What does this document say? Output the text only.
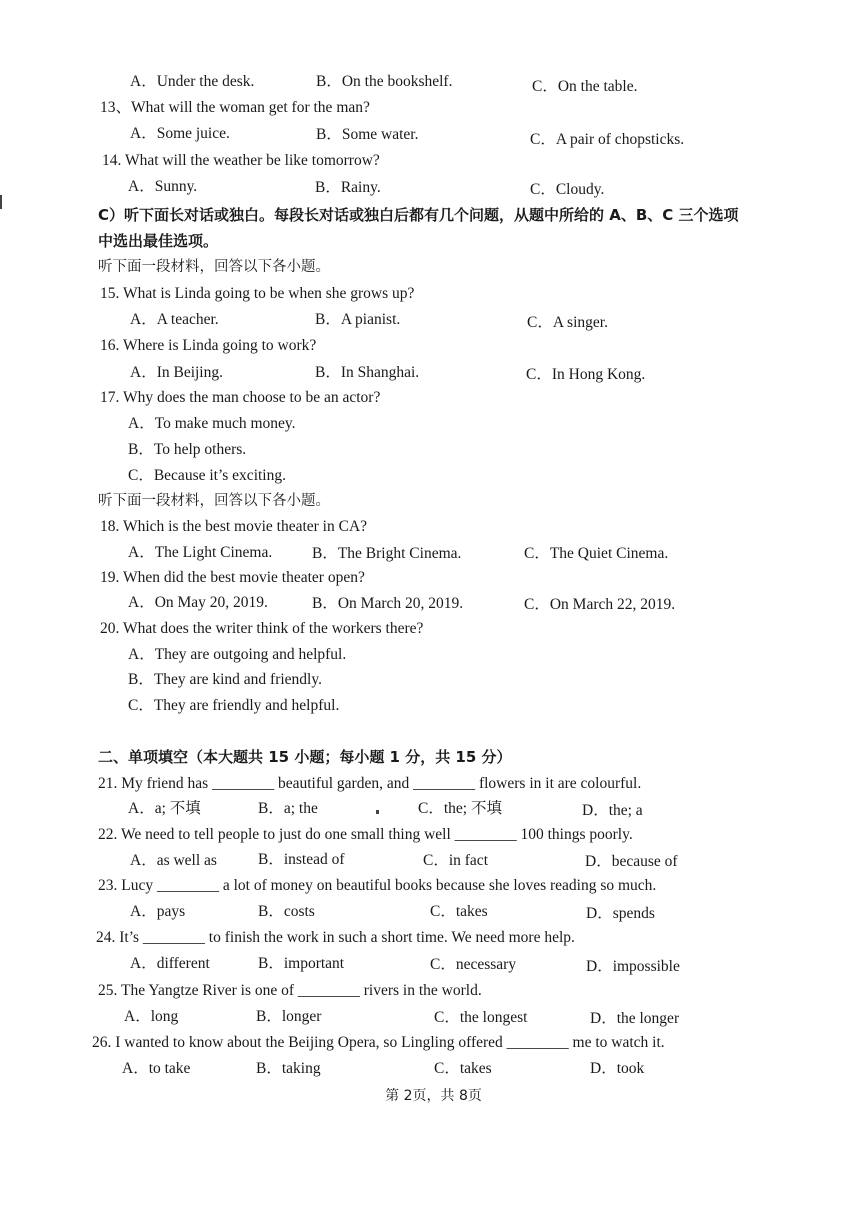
A．Under the desk.	B．On the bookshelf.	C．On the table.
13、What will the woman get for the man?
A．Some juice.	B．Some water.	C．A pair of chopsticks.
14. What will the weather be like tomorrow?
A．Sunny.	B．Rainy.	C．Cloudy.
C）听下面长对话或独白。每段长对话或独白后都有几个问题，从题中所给的 A、B、C 三个选项
中选出最佳选项。
听下面一段材料，回答以下各小题。
15. What is Linda going to be when she grows up?
A．A teacher.	B．A pianist.	C．A singer.
16. Where is Linda going to work?
A．In Beijing.	B．In Shanghai.	C．In Hong Kong.
17. Why does the man choose to be an actor?
A．To make much money.
B．To help others.
C．Because it’s exciting.
听下面一段材料，回答以下各小题。
18. Which is the best movie theater in CA?
A．The Light Cinema.	B．The Bright Cinema.	C．The Quiet Cinema.
19. When did the best movie theater open?
A．On May 20, 2019.	B．On March 20, 2019.	C．On March 22, 2019.
20. What does the writer think of the workers there?
A．They are outgoing and helpful.
B．They are kind and friendly.
C．They are friendly and helpful.
二、单项填空（本大题共 15 小题；每小题 1 分，共 15 分）
21. My friend has ________ beautiful garden, and ________ flowers in it are colourful.
A．a; 不填	B．a; the	C．the; 不填	D．the; a
22. We need to tell people to just do one small thing well ________ 100 things poorly.
A．as well as	B．instead of	C．in fact	D．because of
23. Lucy ________ a lot of money on beautiful books because she loves reading so much.
A．pays	B．costs	C．takes	D．spends
24. It’s ________ to finish the work in such a short time. We need more help.
A．different	B．important	C．necessary	D．impossible
25. The Yangtze River is one of ________ rivers in the world.
A．long	B．longer	C．the longest	D．the longer
26. I wanted to know about the Beijing Opera, so Lingling offered ________ me to watch it.
A．to take	B．taking	C．takes	D．took
第 2页，共 8页
